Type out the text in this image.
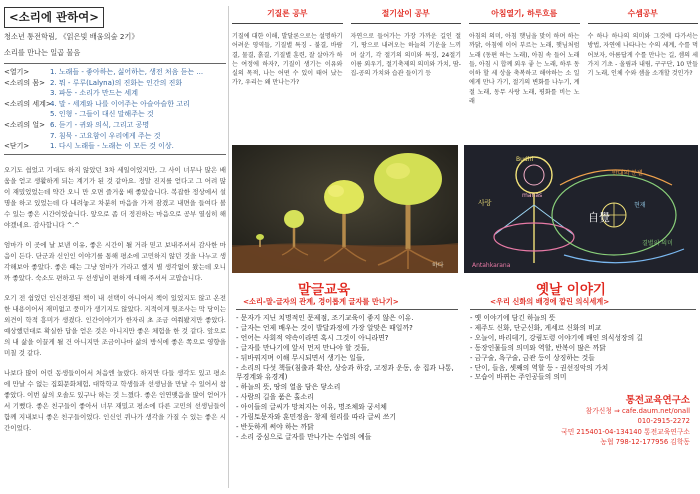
<소리에 관하여>
청소년 통전학림, 《읽은빛 배움의숲 2기》
소리를 만나는 일곱 물음
<열기>	1. 노래들 - 좋아하는, 싫어하는, 생전 처음 듣는 ...
<소리의 몸> 2. 뭐 - 루루(Lalyna)의 진화는 인간의 진화
3. 파동 - 소리가 만드는 세계
<소리의 세계>
4. 말 - 세계와 나를 이어주는 아슬아슬한 고리
5. 인형 - 그들이 대신 말해주는 것
<소리의 얼> 6. 듣기 - 귀와 의식, 그리고 공명
7. 침묵 - 고요함이 우리에게 주는 것
<닫기>	1. 다시 노래들 - 노래는 이 모든 것 이상.

오기도 쉽었고 기대도 하지 않았던 3차 세일이었지만, 그 사이 너무나 많은 배움을 얻고 생활하게 되는 계기가 된 것 같아요. 정말 진지를 얻다고 그 어려 많이 재밌었었는데 약간 오니 만 오면 즐거움 배 좋았습니다. 복잡한 정상에서 설명을 하고 있었는데 다 내려놓고 차분히 마음을 가져 잠겼고 내면을 들여다 볼 수 있는 좋은 시간이었습니다. 앞으로 좀 더 정진하는 마음으로 공부 열심히 해야겠네요. 감사합니다 ^.^

엄마가 이 곳에 날 보낸 이유, 좋은 시간이 될 거라 믿고 보내주셔서 감사한 마음이 든다. 단군과 신인인 이야기를 통해 평소에 고민하지 않던 것을 나누고 생각해보아 좋았다. 좋은 때는 그냥 엄마가 가라고 했지 별 생각없이 왔는데 오니까 좋았다. 숙소도 편하고 두 선생님이 편하게 대해 주셔서 고맙습니다.

오기 전 쉽었던 인신전쟁된 책이 내 선택이 아니어서 책이 있었지도 않고 온전한 내용이어서 재미없고 풍미가 생기지도 않았다. 지적이게 뒷조사는 막 당이는 외견이 학적 흥미가 생겼다. 인간이야기가 한자리 초 조금 여쭤봤지만 좋았다. 예상했던대로 확실한 답을 얻은 것은 아니지만 좋은 체험을 한 것 같다. 앞으로의 내 삶을 이끌게 될 건 아니지만 조금이나마 삶의 방식에 좋은 쪽으로 영향을 미칠 것 같다.

나보다 많이 어린 동생들이어서 처음엔 놀랐다. 하지만 다들 생각도 있고 평소에 만날 수 없는 집회문화체험, 대학학교 학생들과 선생님을 만날 수 있어서 참 좋았다. 이번 삶의 오솔도 있구나 하는 것 느꼈다. 좋은 인연맺음을 많이 얻어가서 기뻤다. 좋은 친구들이 좋아서 너무 재밌고 평소에 다른 고민의 선생님들이 함께 지내보니 좋은 친구들이었다. 인신인 퀴나가 생각을 가질 수 있는 좋은 시간이었다.

기질론 공부
기질에 대한 이해, 발달론으로는 설명하기 어려운 영역들, 기질별 특징 - 불결, 바람결, 물결, 흙결, 기질별 훈련, 잘 살아가 하는 여정에 하자?, 기질이 생기는 이유와 실의 목적, 나는 어떤 수 있이 태어 났는가?, 우리는 왜 만나는가?
절기살이 공부
자연으로 들어가는 가장 가까운 길인 절기, 땅으로 내려오는 하늘의 기운을 느끼며 살기, 각 절기의 의미와 특징, 24절기 이름 외우기, 절기축제의 의미와 가치, 땀-집-공의 가치와 습관 들이기 등
아침열기, 하루흐름
아침의 의미, 아침 햇님을 맞이 하며 하는 까닭, 아침에 이어 부르는 노래, 햇님처럼 노래 (동편 하는 노래), 아침 속 들어 노래들, 아침 시 합께 외우 좋 는 노래, 하루 동이하 할 세 상을 축복하고 해야하는 소 일에게 만나 가기, 절기의 변화를 나누기, 계절 노래, 동무 사랑 노래, 평화를 비는 노래
수셈공부
수 하나 하나의 의미와 그것에 다가서는 방법, 자연에 나타나는 수의 세계, 수를 먹어보자, 아름답게 수를 만나는 길, 셈의 세 가지 기초 - 올림과 내림, 구구단, 10 만들기 노래, 인체 수와 셈을 소개할 것인가?
하다
Budhi
manas
사랑
自覺
반대의 분별
결별의 의미
현재
Antahkarana
말글교육
<소리-말-글자의 관계, 경이롭게 글자를 만나기>
- 문자가 지닌 치명적인 문제점, 조기교육이 좋지 않은 이유.
- 글자는 언제 배우는 것이 발달과정에 가장 알맞은 때일까?
- 언어는 사회적 약속이라면 혹시 그것이 아니라면?
- 글자를 만나기에 앞서 먼저 만나야 할 것들,
- 뒤바꿔지며 이해 무시되면서 생기는 일들,
- 소리의 다섯 책들(침출과 확산, 상승과 하강, 고정과 운동, 송 집과 나통, 무경계와 유경계)
- 하늘의 뜻, 땅의 열음 담은 닿소리
- 사람의 길을 품은 홀소리
- 아이들의 글씨가 망쳐지는 이유, 명조체와 궁서체
- 가림토문자와 훈민정음- 창제 원리를 따라 글씨 쓰기
- 반듯하게 써야 하는 까닭
- 소리 중심으로 글자를 만나가는 수업의 예들
옛날 이야기
<우리 신화의 배경에 깔린 의식세계>
- 옛 이야기에 담긴 하늘의 뜻
- 제주도 신화, 단군신화, 게세르 신화의 비교
- 오늘이, 바리데기, 강림도령 이야기에 배인 의식성장의 길
- 동장인물들의 의미와 역할, 반복이 많은 까닭
- 금구술, 욕구술, 금관 등이 상징하는 것들
- 단이, 들음, 셋째의 역할 등 - 권선징악의 가치
- 모습이 바뀌는 주인공들의 의미
통전교육연구소
참가신청 ⇒ cafe.daum.net/onall
010-2915-2272
국민 215401-04-134140 통전교육연구소
농협 798-12-177956 김학동
